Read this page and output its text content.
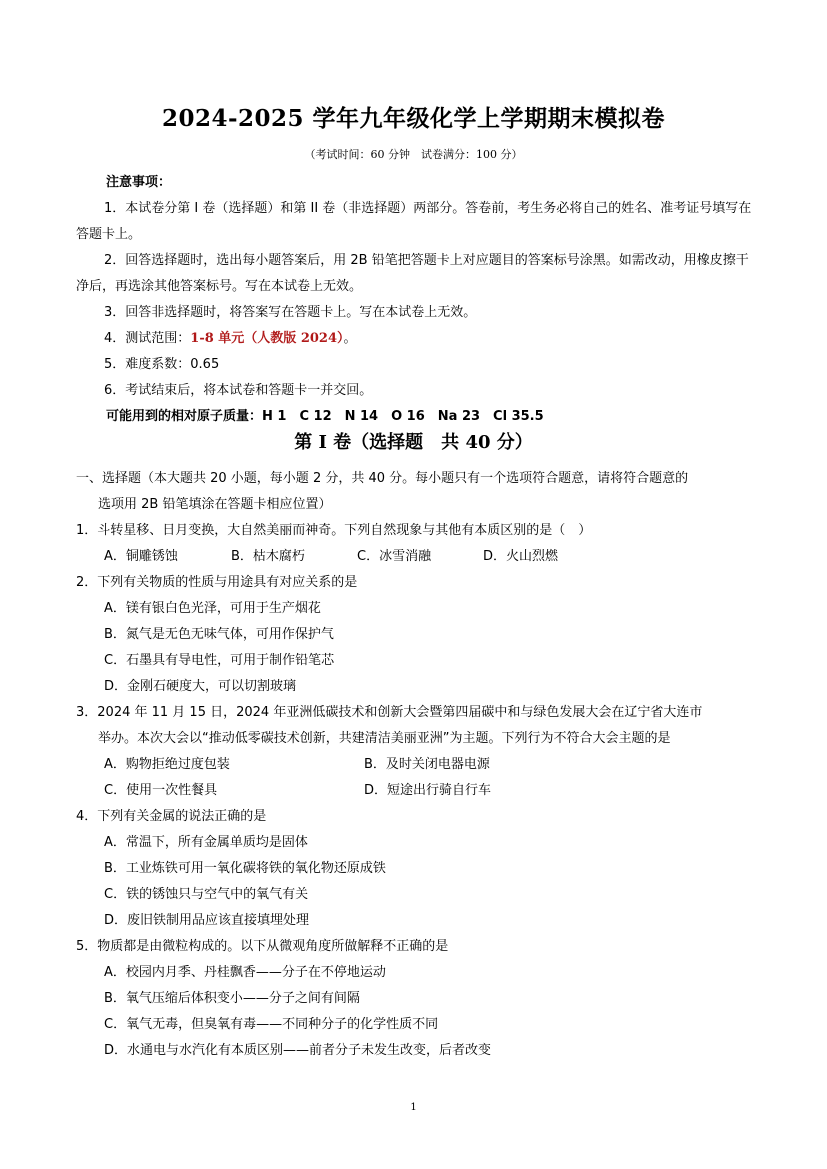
2024-2025 学年九年级化学上学期期末模拟卷
（考试时间：60 分钟　试卷满分：100 分）
注意事项：

1．本试卷分第 I 卷（选择题）和第 II 卷（非选择题）两部分。答卷前，考生务必将自己的姓名、准考证号填写在答题卡上。

2．回答选择题时，选出每小题答案后，用 2B 铅笔把答题卡上对应题目的答案标号涂黑。如需改动，用橡皮擦干净后，再选涂其他答案标号。写在本试卷上无效。

3．回答非选择题时，将答案写在答题卡上。写在本试卷上无效。

4．测试范围：1-8 单元（人教版 2024）。

5．难度系数：0.65

6．考试结束后，将本试卷和答题卡一并交回。

可能用到的相对原子质量：H 1　C 12　N 14　O 16　Na 23　Cl 35.5
第 I 卷（选择题　共 40 分）

一、选择题（本大题共 20 小题，每小题 2 分，共 40 分。每小题只有一个选项符合题意，请将符合题意的

选项用 2B 铅笔填涂在答题卡相应位置）

1．斗转星移、日月变换，大自然美丽而神奇。下列自然现象与其他有本质区别的是（　）

A．铜雕锈蚀	B．枯木腐朽	C．冰雪消融	D．火山烈燃

2．下列有关物质的性质与用途具有对应关系的是

A．镁有银白色光泽，可用于生产烟花

B．氮气是无色无味气体，可用作保护气

C．石墨具有导电性，可用于制作铅笔芯

D．金刚石硬度大，可以切割玻璃

3．2024 年 11 月 15 日，2024 年亚洲低碳技术和创新大会暨第四届碳中和与绿色发展大会在辽宁省大连市

举办。本次大会以“推动低零碳技术创新，共建清洁美丽亚洲”为主题。下列行为不符合大会主题的是

A．购物拒绝过度包装	B．及时关闭电器电源
C．使用一次性餐具	D．短途出行骑自行车

4．下列有关金属的说法正确的是

A．常温下，所有金属单质均是固体

B．工业炼铁可用一氧化碳将铁的氧化物还原成铁

C．铁的锈蚀只与空气中的氧气有关

D．废旧铁制用品应该直接填埋处理

5．物质都是由微粒构成的。以下从微观角度所做解释不正确的是

A．校园内月季、丹桂飘香——分子在不停地运动

B．氧气压缩后体积变小——分子之间有间隔

C．氧气无毒，但臭氧有毒——不同种分子的化学性质不同

D．水通电与水汽化有本质区别——前者分子未发生改变，后者改变

1
